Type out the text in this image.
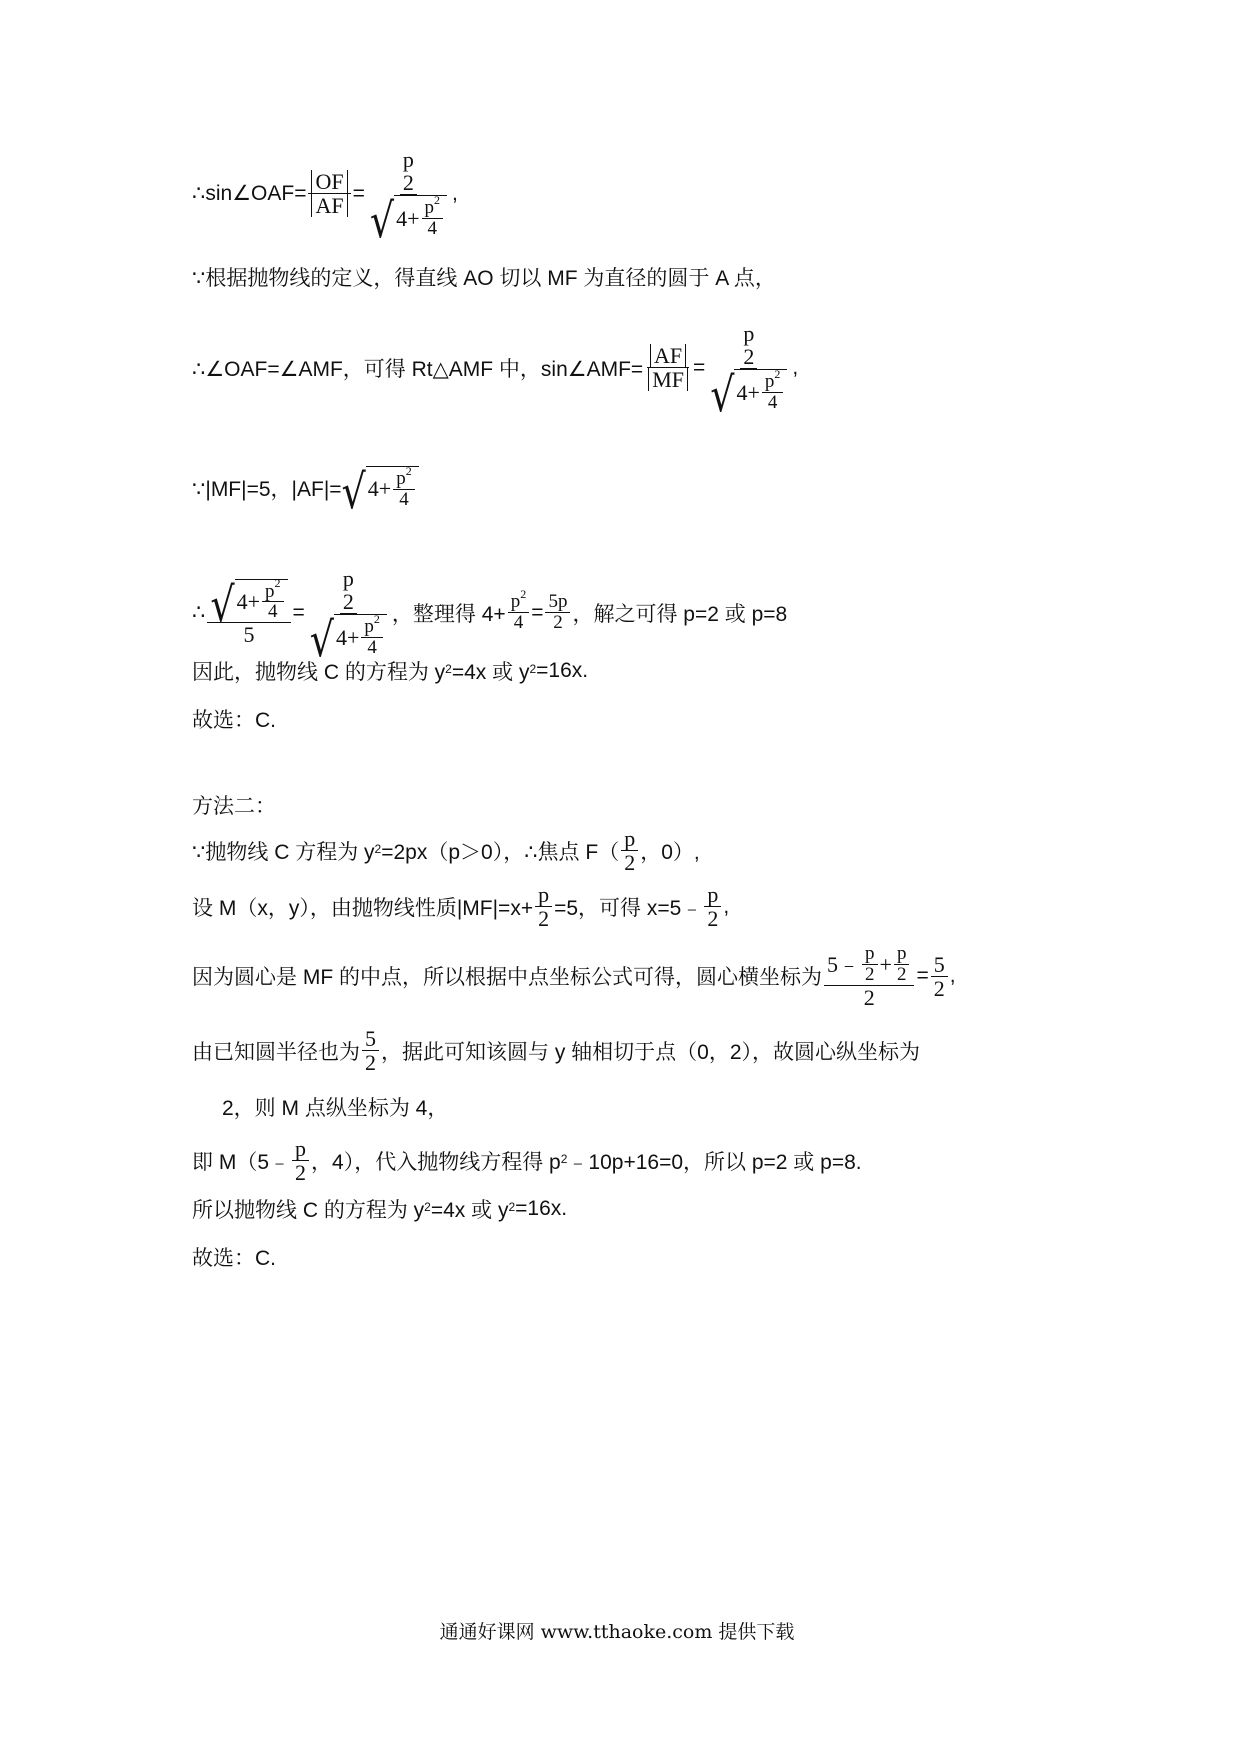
∴sin∠OAF= $\frac{OF}{AF} = p$
2
√ $4+ \frac{p^2}{4}$ ,
∵根据抛物线的定义，得直线 AO 切以 MF 为直径的圆于 A 点，
∴∠OAF=∠AMF，可得 Rt△AMF 中，sin∠AMF= $\frac{AF}{MF} = p$
2
√ $4+ \frac{p^2}{4}$ ,
∵|MF|=5，|AF|= √ $4+ \frac{p^2}{4}$
∴ $\frac{√ 4+ \frac{p^2}{4}}{5} = p$
2
√ $4+ \frac{p^2}{4}$ ，整理得 $4+ \frac{p^2}{4} = \frac{5p}{2}$ ，解之可得 p=2 或 p=8
因此，抛物线 C 的方程为 $y^2 =4x$ 或 $y^2 =16x$.
故选：C.
方法二：
∵抛物线 C 方程为 $y^2 =2px(p>0)$，∴焦点 $F( \frac{p}{2}$ ，0）,
设 M（x，y），由抛物线性质$|MF|=x+ \frac{p}{2} =5$，可得 x=5﹣ $\frac{p}{2}$ ,
因为圆心是 MF 的中点，所以根据中点坐标公式可得，圆心横坐标为 $\frac{5﹣ \frac{p}{2} + \frac{p}{2}}{2} = \frac{5}{2}$ ,
由已知圆半径也为 $\frac{5}{2}$ ，据此可知该圆与 y 轴相切于点（0，2），故圆心纵坐标为
2，则 M 点纵坐标为 4，
即 M（5﹣ $\frac{p}{2}$ ，4），代入抛物线方程得 $p^2$ ﹣10p+16=0，所以 p=2 或 p=8.
所以抛物线 C 的方程为 $y^2 =4x$ 或 $y^2 =16x$.
故选：C.
通通好课网 www.tthaoke.com 提供下载
